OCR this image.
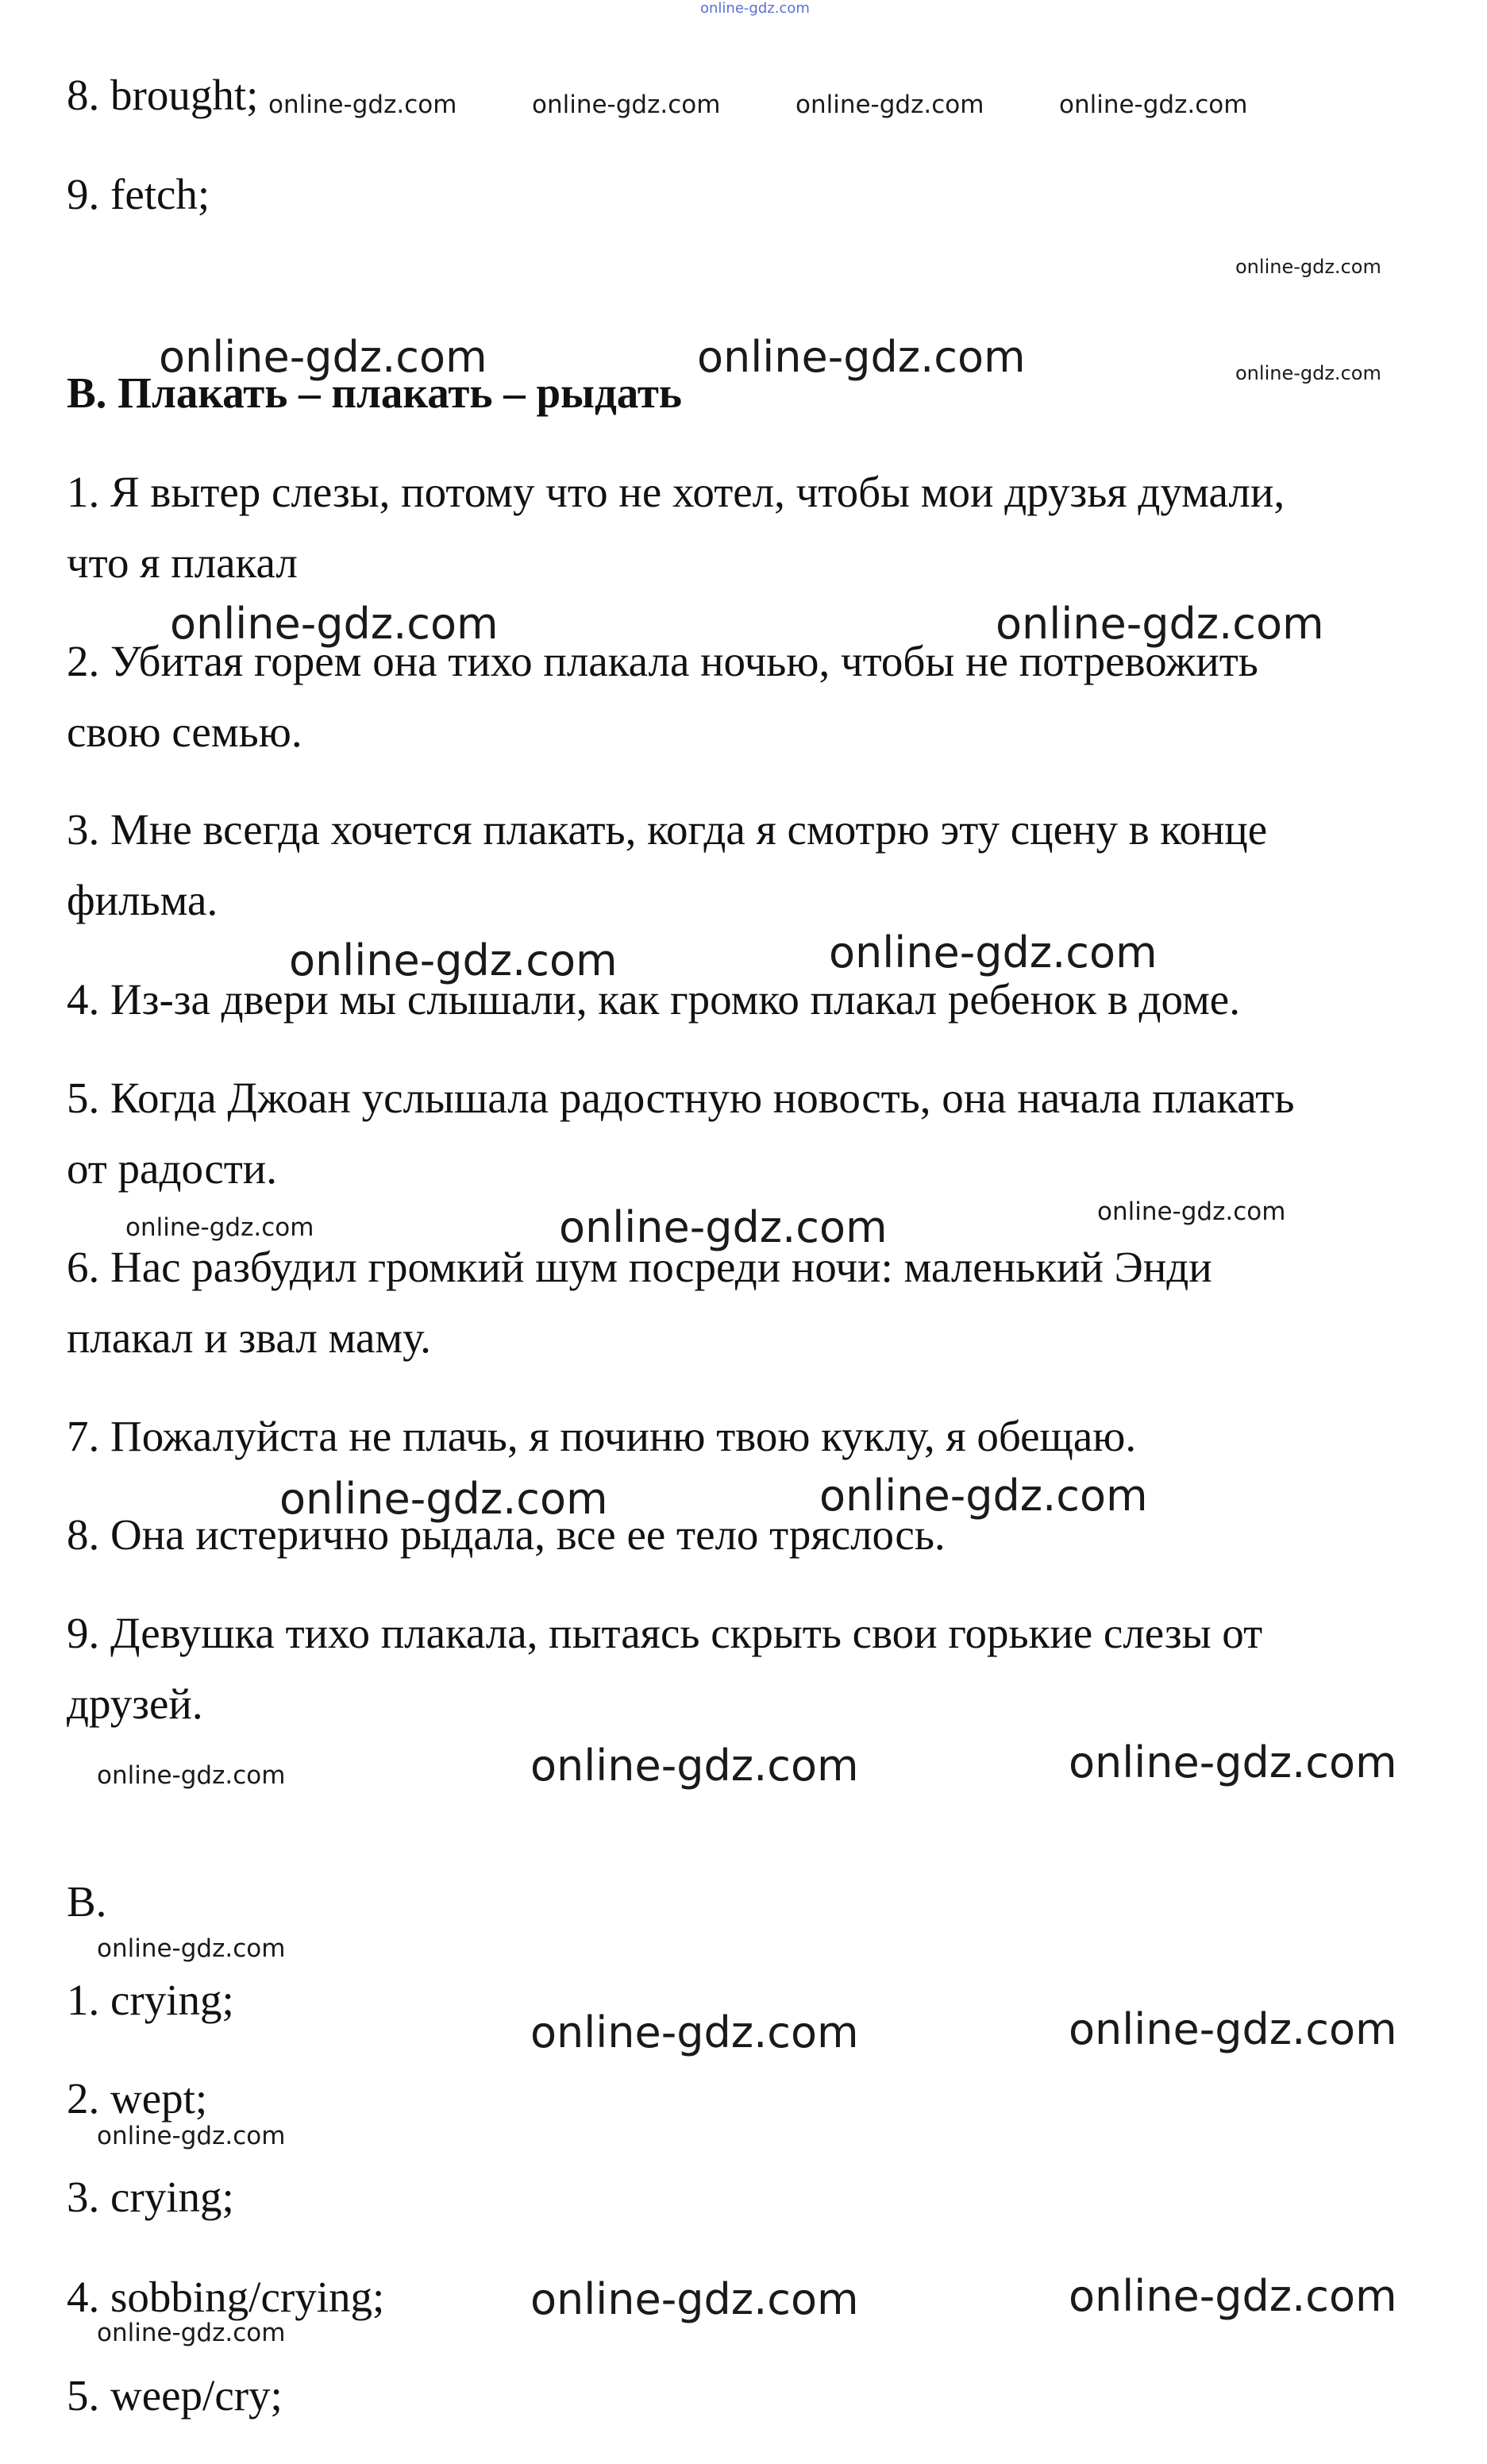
online-gdz.com

8. brought;

9. fetch;

B. Плакать – плакать – рыдать

1. Я вытер слезы, потому что не хотел, чтобы мои друзья думали,

что я плакал

2. Убитая горем она тихо плакала ночью, чтобы не потревожить

свою семью.

3. Мне всегда хочется плакать, когда я смотрю эту сцену в конце

фильма.

4. Из-за двери мы слышали, как громко плакал ребенок в доме.

5. Когда Джоан услышала радостную новость, она начала плакать

от радости.

6. Нас разбудил громкий шум посреди ночи: маленький Энди

плакал и звал маму.

7. Пожалуйста не плачь, я починю твою куклу, я обещаю.

8. Она истерично рыдала, все ее тело тряслось.

9. Девушка тихо плакала, пытаясь скрыть свои горькие слезы от

друзей.

B.

1. crying;

2. wept;

3. crying;

4. sobbing/crying;

5. weep/cry;

online-gdz.com	online-gdz.com	online-gdz.com	online-gdz.com
online-gdz.com
online-gdz.com
online-gdz.com	online-gdz.com
online-gdz.com	online-gdz.com
online-gdz.com	online-gdz.com
online-gdz.com	online-gdz.com	online-gdz.com
online-gdz.com	online-gdz.com
online-gdz.com	online-gdz.com	online-gdz.com
online-gdz.com
online-gdz.com	online-gdz.com
online-gdz.com
online-gdz.com	online-gdz.com
online-gdz.com
